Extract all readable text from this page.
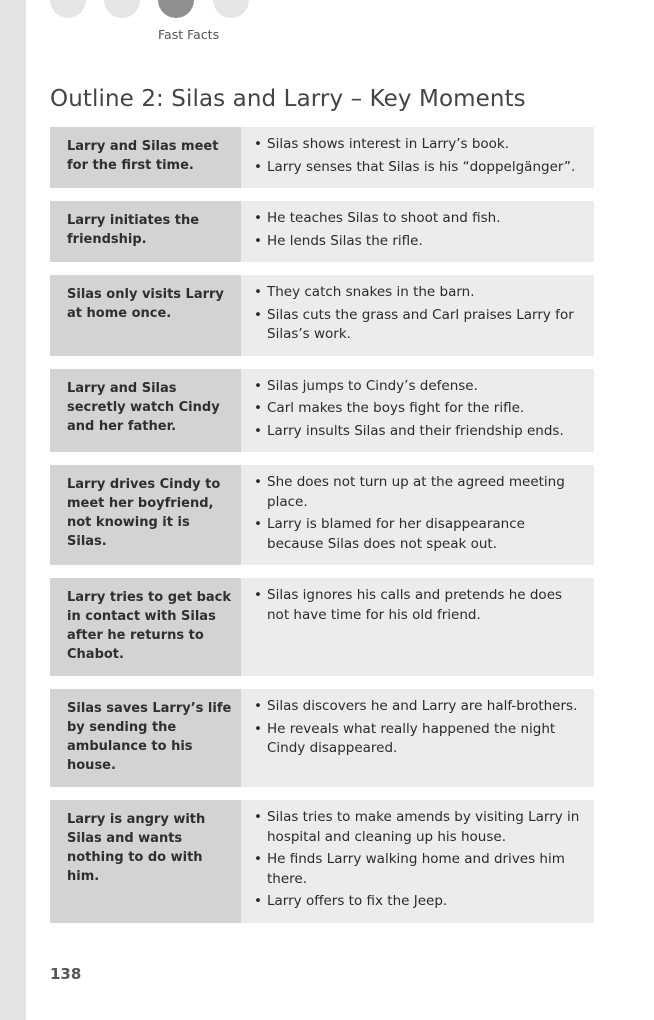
Fast Facts
Outline 2: Silas and Larry – Key Moments
Larry and Silas meet for the first time.
• Silas shows interest in Larry’s book.
• Larry senses that Silas is his “doppelgänger”.
Larry initiates the friendship.
• He teaches Silas to shoot and fish.
• He lends Silas the rifle.
Silas only visits Larry at home once.
• They catch snakes in the barn.
• Silas cuts the grass and Carl praises Larry for Silas’s work.
Larry and Silas secretly watch Cindy and her father.
• Silas jumps to Cindy’s defense.
• Carl makes the boys fight for the rifle.
• Larry insults Silas and their friendship ends.
Larry drives Cindy to meet her boyfriend, not knowing it is Silas.
• She does not turn up at the agreed meeting place.
• Larry is blamed for her disappearance because Silas does not speak out.
Larry tries to get back in contact with Silas after he returns to Chabot.
• Silas ignores his calls and pretends he does not have time for his old friend.
Silas saves Larry’s life by sending the ambulance to his house.
• Silas discovers he and Larry are half-brothers.
• He reveals what really happened the night Cindy disappeared.
Larry is angry with Silas and wants nothing to do with him.
• Silas tries to make amends by visiting Larry in hospital and cleaning up his house.
• He finds Larry walking home and drives him there.
• Larry offers to fix the Jeep.
138
